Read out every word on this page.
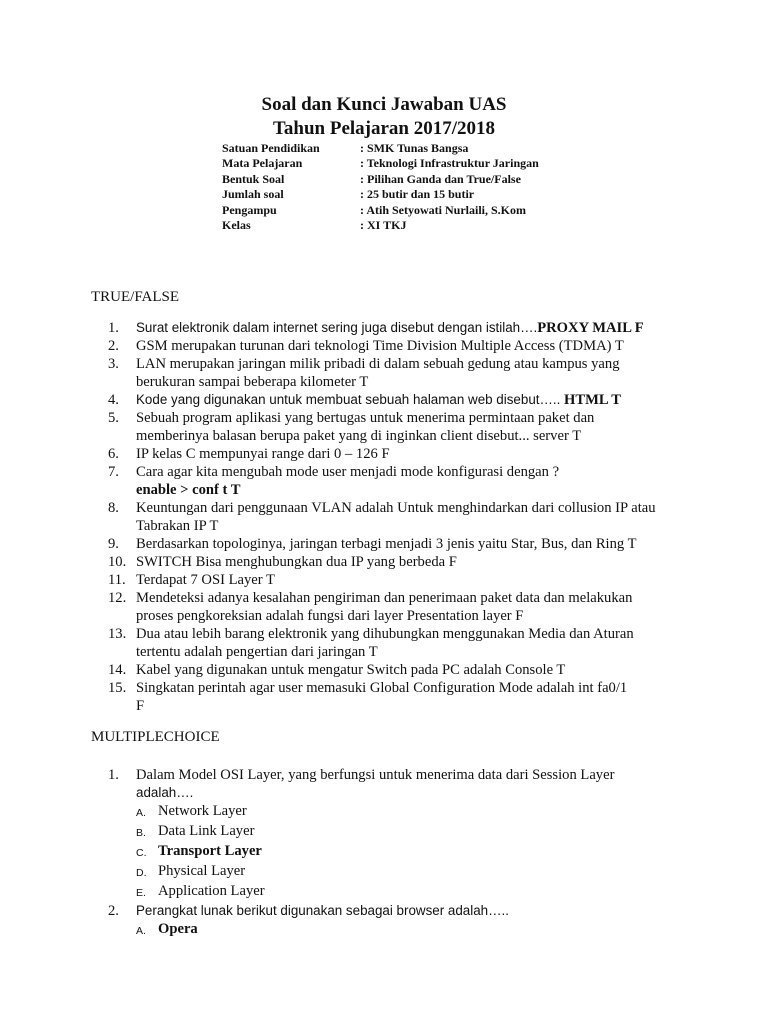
Soal dan Kunci Jawaban UAS
Tahun Pelajaran 2017/2018
Satuan Pendidikan	: SMK Tunas Bangsa
Mata Pelajaran	: Teknologi Infrastruktur Jaringan
Bentuk Soal	: Pilihan Ganda dan True/False
Jumlah soal	: 25 butir dan 15 butir
Pengampu	: Atih Setyowati Nurlaili, S.Kom
Kelas	: XI TKJ
TRUE/FALSE
1.	Surat elektronik dalam internet sering juga disebut dengan istilah….PROXY MAIL F
2.	GSM merupakan turunan dari teknologi Time Division Multiple Access (TDMA) T
3.	LAN merupakan jaringan milik pribadi di dalam sebuah gedung atau kampus yang
berukuran sampai beberapa kilometer T
4.	Kode yang digunakan untuk membuat sebuah halaman web disebut….. HTML T
5.	Sebuah program aplikasi yang bertugas untuk menerima permintaan paket dan
memberinya balasan berupa paket yang di inginkan client disebut... server T
6.	IP kelas C mempunyai range dari 0 – 126 F
7.	Cara agar kita mengubah mode user menjadi mode konfigurasi dengan ?
enable > conf t T
8.	Keuntungan dari penggunaan VLAN adalah Untuk menghindarkan dari collusion IP atau
Tabrakan IP T
9.	Berdasarkan topologinya, jaringan terbagi menjadi 3 jenis yaitu Star, Bus, dan Ring T
10. SWITCH Bisa menghubungkan dua IP yang berbeda F
11. Terdapat 7 OSI Layer T
12. Mendeteksi adanya kesalahan pengiriman dan penerimaan paket data dan melakukan
proses pengkoreksian adalah fungsi dari layer Presentation layer F
13. Dua atau lebih barang elektronik yang dihubungkan menggunakan Media dan Aturan
tertentu adalah pengertian dari jaringan T
14. Kabel yang digunakan untuk mengatur Switch pada PC adalah Console T
15. Singkatan perintah agar user memasuki Global Configuration Mode adalah int fa0/1
F
MULTIPLECHOICE
1.	Dalam Model OSI Layer, yang berfungsi untuk menerima data dari Session Layer
adalah….
A. Network Layer
B. Data Link Layer
C. Transport Layer
D. Physical Layer
E. Application Layer
2.	Perangkat lunak berikut digunakan sebagai browser adalah…..
A. Opera
